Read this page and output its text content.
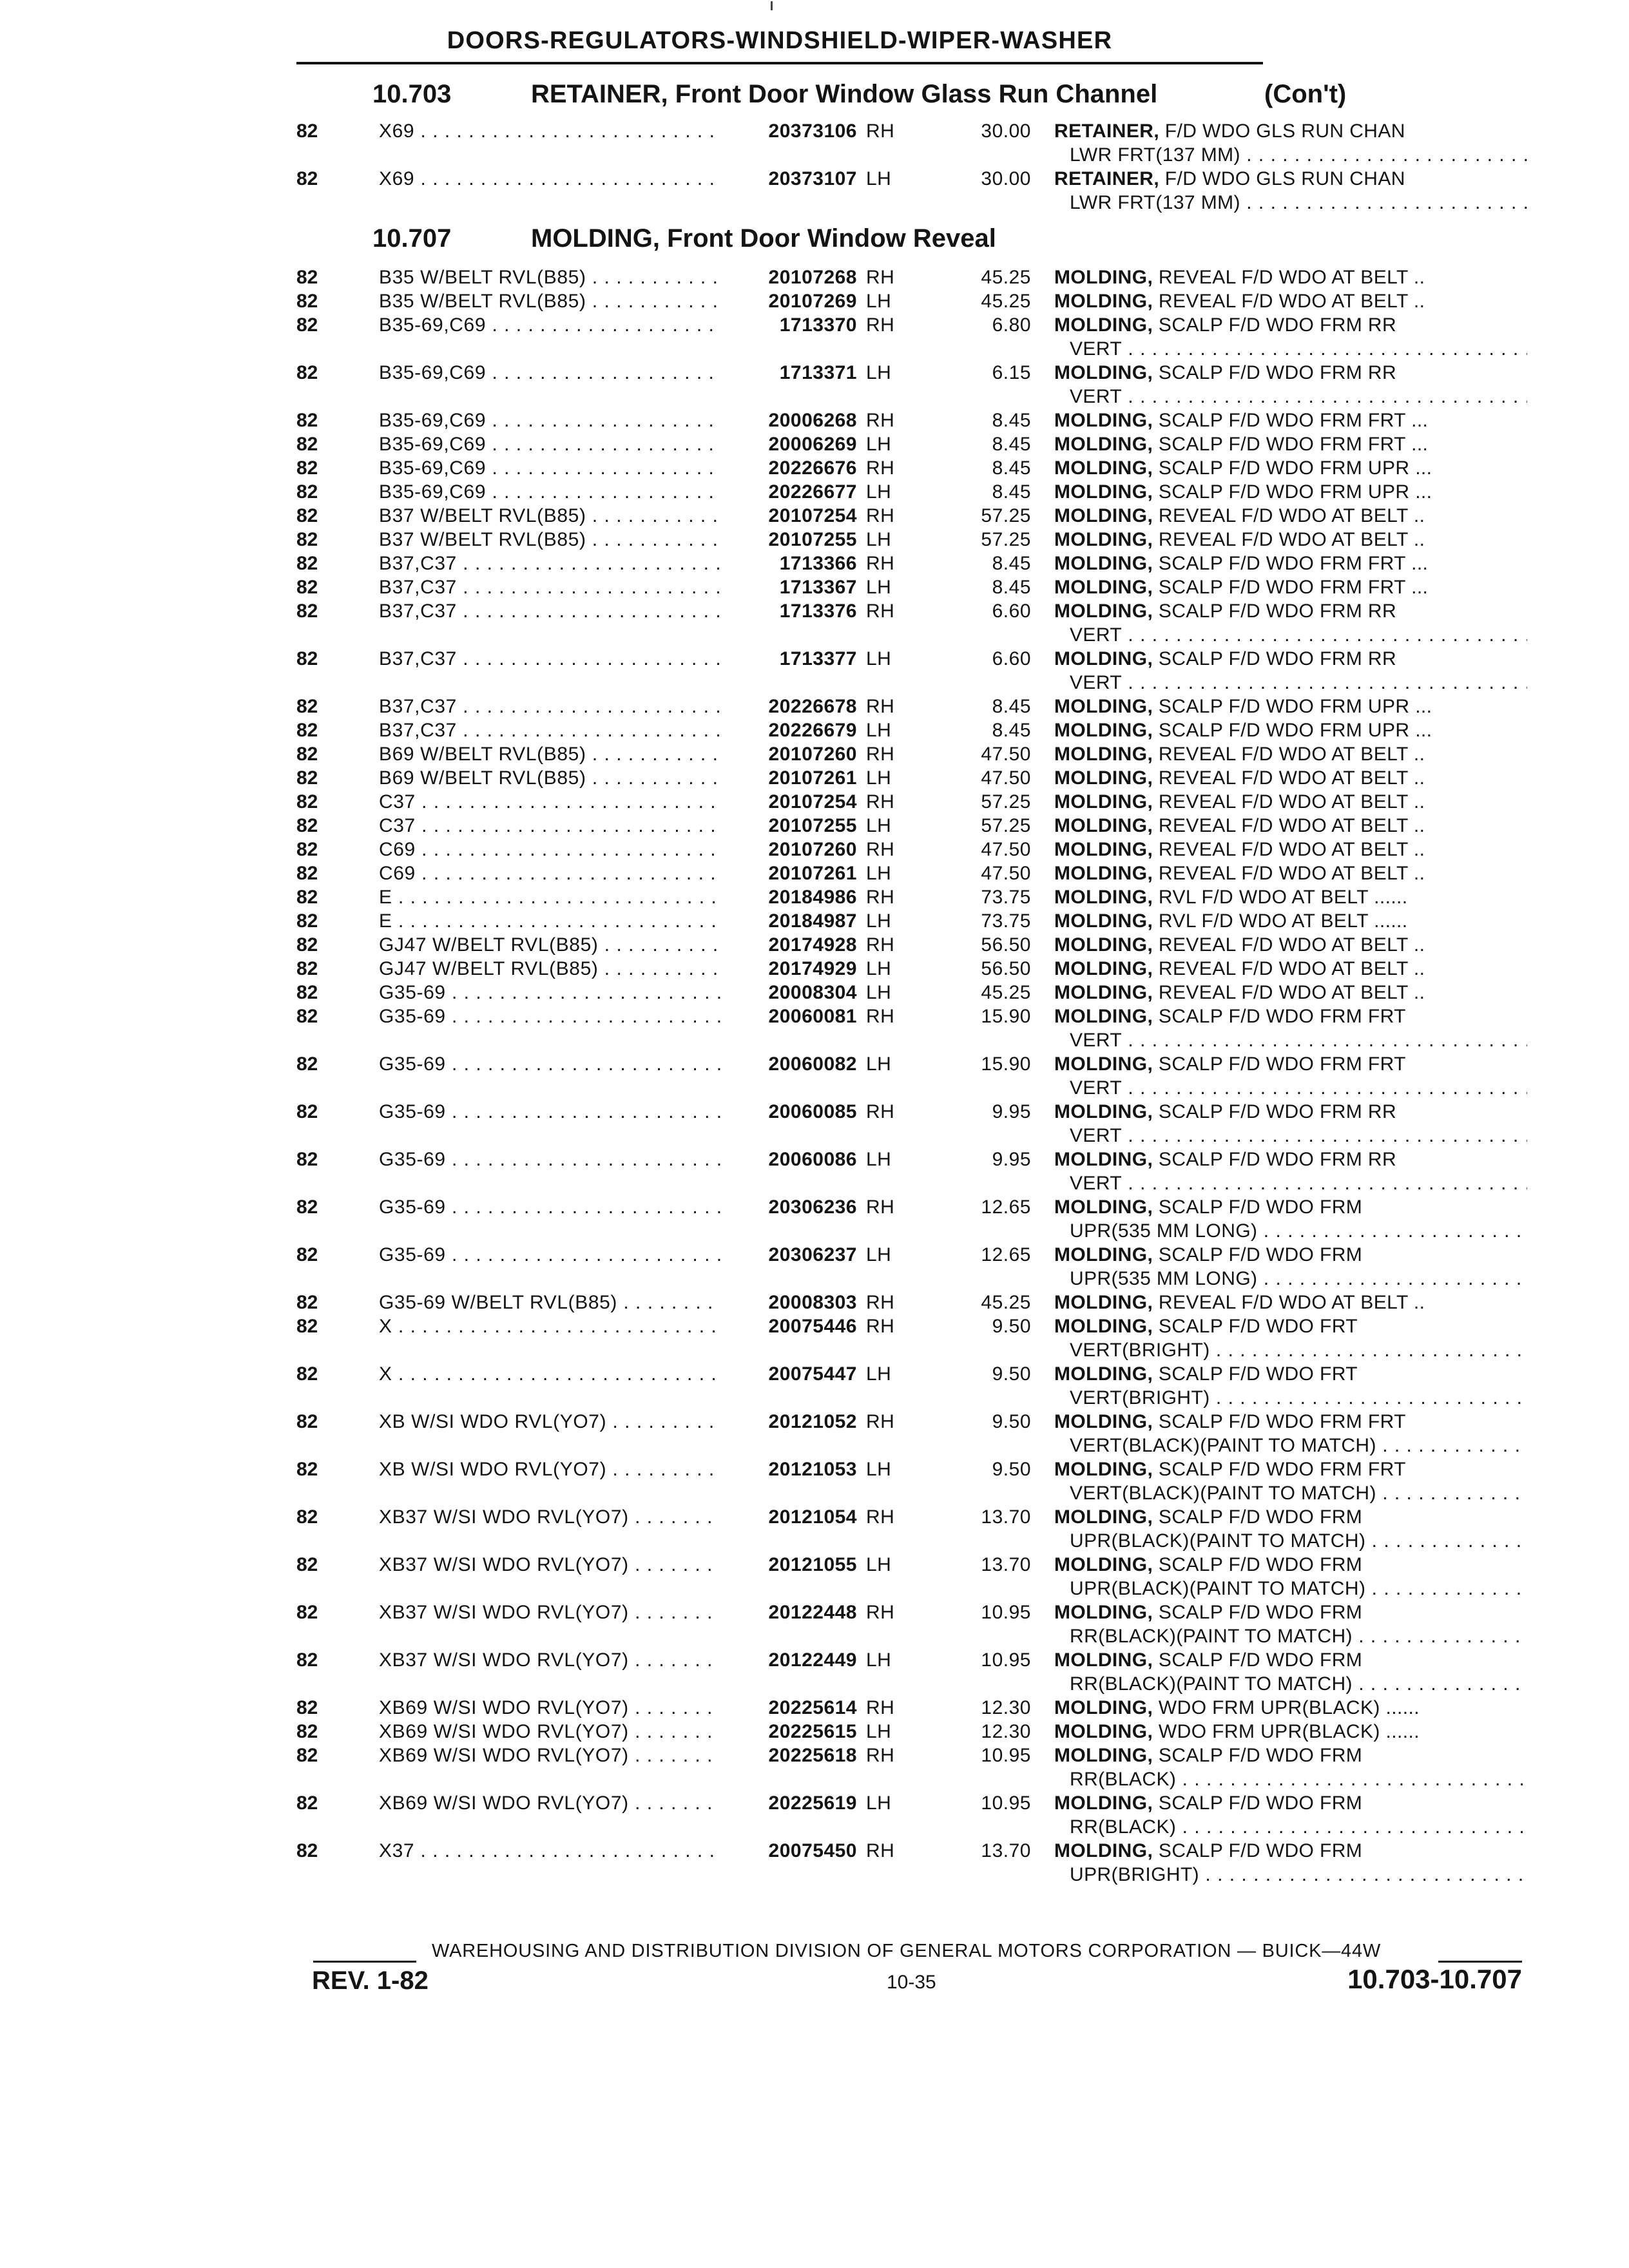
DOORS-REGULATORS-WINDSHIELD-WIPER-WASHER
10.703	RETAINER, Front Door Window Glass Run Channel	(Con't)
10.707	MOLDING, Front Door Window Reveal
82	X69 . . .	20373106 RH	30.00 RETAINER, F/D WDO GLS RUN CHAN
LWR FRT(137 MM) . . .
82	X69 . . .	20373107 LH	30.00 RETAINER, F/D WDO GLS RUN CHAN
LWR FRT(137 MM) . . .
82	B35 W/BELT RVL(B85) . . .	20107268 RH	45.25 MOLDING, REVEAL F/D WDO AT BELT ..
82	B35 W/BELT RVL(B85) . . .	20107269 LH	45.25 MOLDING, REVEAL F/D WDO AT BELT ..
82	B35-69,C69 . . .	1713370 RH	6.80 MOLDING, SCALP F/D WDO FRM RR
VERT . . .
82	B35-69,C69 . . .	1713371 LH	6.15 MOLDING, SCALP F/D WDO FRM RR
VERT . . .
82	B35-69,C69 . . .	20006268 RH	8.45 MOLDING, SCALP F/D WDO FRM FRT ...
82	B35-69,C69 . . .	20006269 LH	8.45 MOLDING, SCALP F/D WDO FRM FRT ...
82	B35-69,C69 . . .	20226676 RH	8.45 MOLDING, SCALP F/D WDO FRM UPR ...
82	B35-69,C69 . . .	20226677 LH	8.45 MOLDING, SCALP F/D WDO FRM UPR ...
82	B37 W/BELT RVL(B85) . . .	20107254 RH	57.25 MOLDING, REVEAL F/D WDO AT BELT ..
82	B37 W/BELT RVL(B85) . . .	20107255 LH	57.25 MOLDING, REVEAL F/D WDO AT BELT ..
82	B37,C37 . . .	1713366 RH	8.45 MOLDING, SCALP F/D WDO FRM FRT ...
82	B37,C37 . . .	1713367 LH	8.45 MOLDING, SCALP F/D WDO FRM FRT ...
82	B37,C37 . . .	1713376 RH	6.60 MOLDING, SCALP F/D WDO FRM RR
VERT . . .
82	B37,C37 . . .	1713377 LH	6.60 MOLDING, SCALP F/D WDO FRM RR
VERT . . .
82	B37,C37 . . .	20226678 RH	8.45 MOLDING, SCALP F/D WDO FRM UPR ...
82	B37,C37 . . .	20226679 LH	8.45 MOLDING, SCALP F/D WDO FRM UPR ...
82	B69 W/BELT RVL(B85) . . .	20107260 RH	47.50 MOLDING, REVEAL F/D WDO AT BELT ..
82	B69 W/BELT RVL(B85) . . .	20107261 LH	47.50 MOLDING, REVEAL F/D WDO AT BELT ..
82	C37 . . .	20107254 RH	57.25 MOLDING, REVEAL F/D WDO AT BELT ..
82	C37 . . .	20107255 LH	57.25 MOLDING, REVEAL F/D WDO AT BELT ..
82	C69 . . .	20107260 RH	47.50 MOLDING, REVEAL F/D WDO AT BELT ..
82	C69 . . .	20107261 LH	47.50 MOLDING, REVEAL F/D WDO AT BELT ..
82	E . . .	20184986 RH	73.75 MOLDING, RVL F/D WDO AT BELT ......
82	E . . .	20184987 LH	73.75 MOLDING, RVL F/D WDO AT BELT ......
82	GJ47 W/BELT RVL(B85) . . .	20174928 RH	56.50 MOLDING, REVEAL F/D WDO AT BELT ..
82	GJ47 W/BELT RVL(B85) . . .	20174929 LH	56.50 MOLDING, REVEAL F/D WDO AT BELT ..
82	G35-69 . . .	20008304 LH	45.25 MOLDING, REVEAL F/D WDO AT BELT ..
82	G35-69 . . .	20060081 RH	15.90 MOLDING, SCALP F/D WDO FRM FRT
VERT . . .
82	G35-69 . . .	20060082 LH	15.90 MOLDING, SCALP F/D WDO FRM FRT
VERT . . .
82	G35-69 . . .	20060085 RH	9.95 MOLDING, SCALP F/D WDO FRM RR
VERT . . .
82	G35-69 . . .	20060086 LH	9.95 MOLDING, SCALP F/D WDO FRM RR
VERT . . .
82	G35-69 . . .	20306236 RH	12.65 MOLDING, SCALP F/D WDO FRM
UPR(535 MM LONG) . . .
82	G35-69 . . .	20306237 LH	12.65 MOLDING, SCALP F/D WDO FRM
UPR(535 MM LONG) . . .
82	G35-69 W/BELT RVL(B85) . . .	20008303 RH	45.25 MOLDING, REVEAL F/D WDO AT BELT ..
82	X . . .	20075446 RH	9.50 MOLDING, SCALP F/D WDO FRT
VERT(BRIGHT) . . .
82	X . . .	20075447 LH	9.50 MOLDING, SCALP F/D WDO FRT
VERT(BRIGHT) . . .
82	XB W/SI WDO RVL(YO7) . . .	20121052 RH	9.50 MOLDING, SCALP F/D WDO FRM FRT
VERT(BLACK)(PAINT TO MATCH) . . .
82	XB W/SI WDO RVL(YO7) . . .	20121053 LH	9.50 MOLDING, SCALP F/D WDO FRM FRT
VERT(BLACK)(PAINT TO MATCH) . . .
82	XB37 W/SI WDO RVL(YO7) . . .	20121054 RH	13.70 MOLDING, SCALP F/D WDO FRM
UPR(BLACK)(PAINT TO MATCH) . . .
82	XB37 W/SI WDO RVL(YO7) . . .	20121055 LH	13.70 MOLDING, SCALP F/D WDO FRM
UPR(BLACK)(PAINT TO MATCH) . . .
82	XB37 W/SI WDO RVL(YO7) . . .	20122448 RH	10.95 MOLDING, SCALP F/D WDO FRM
RR(BLACK)(PAINT TO MATCH) . . .
82	XB37 W/SI WDO RVL(YO7) . . .	20122449 LH	10.95 MOLDING, SCALP F/D WDO FRM
RR(BLACK)(PAINT TO MATCH) . . .
82	XB69 W/SI WDO RVL(YO7) . . .	20225614 RH	12.30 MOLDING, WDO FRM UPR(BLACK) ......
82	XB69 W/SI WDO RVL(YO7) . . .	20225615 LH	12.30 MOLDING, WDO FRM UPR(BLACK) ......
82	XB69 W/SI WDO RVL(YO7) . . .	20225618 RH	10.95 MOLDING, SCALP F/D WDO FRM
RR(BLACK) . . .
82	XB69 W/SI WDO RVL(YO7) . . .	20225619 LH	10.95 MOLDING, SCALP F/D WDO FRM
RR(BLACK) . . .
82	X37 . . .	20075450 RH	13.70 MOLDING, SCALP F/D WDO FRM
UPR(BRIGHT) . . .
WAREHOUSING AND DISTRIBUTION DIVISION OF GENERAL MOTORS CORPORATION — BUICK—44W
REV. 1-82	10-35	10.703-10.707
